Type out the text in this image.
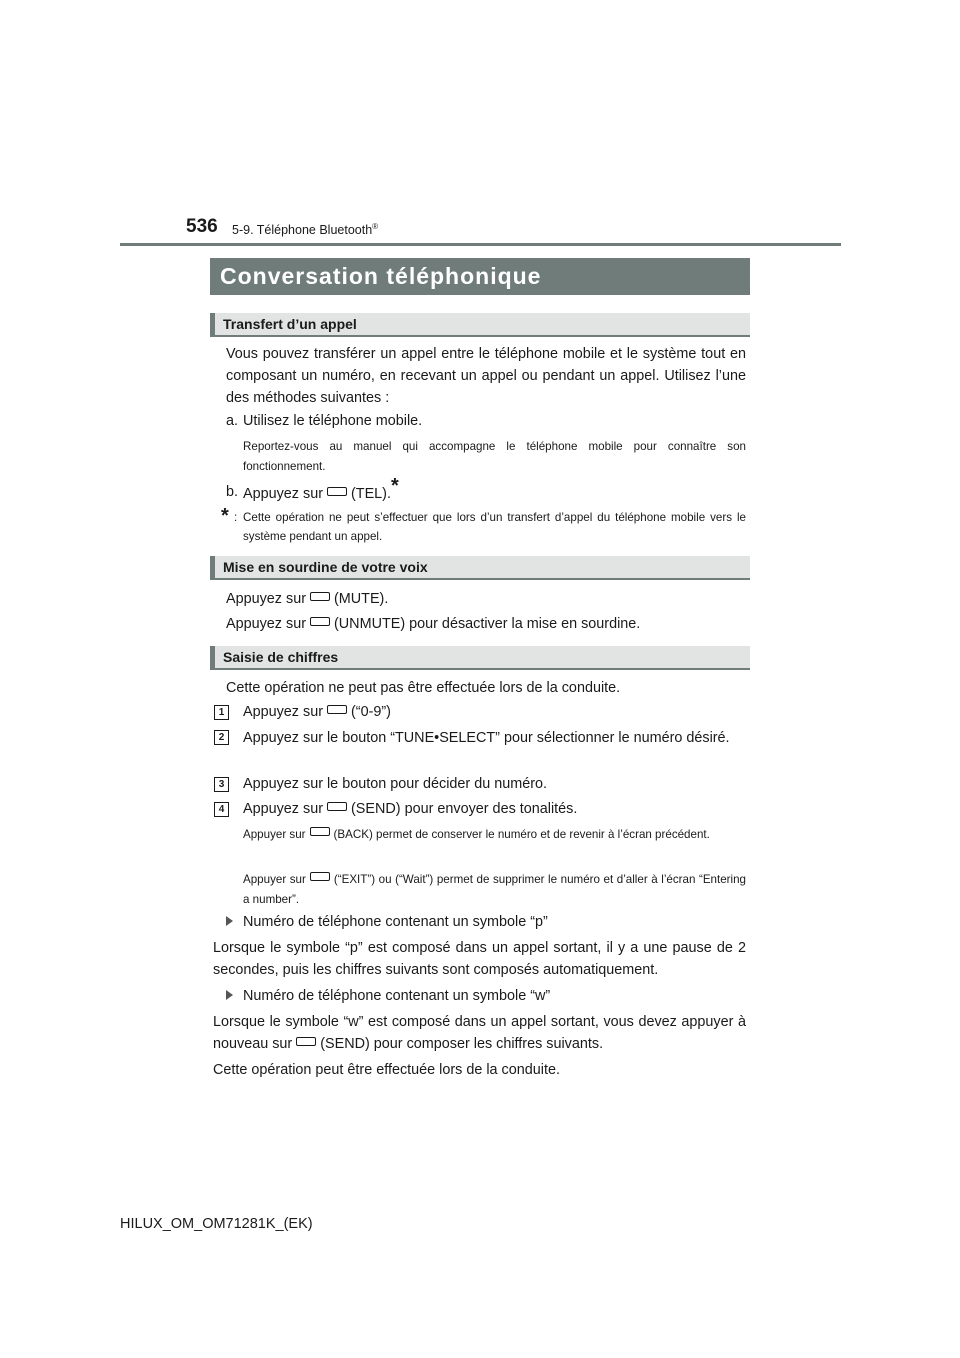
536 5-9. Téléphone Bluetooth®
Conversation téléphonique
Transfert d’un appel
Vous pouvez transférer un appel entre le téléphone mobile et le système tout en composant un numéro, en recevant un appel ou pendant un appel. Utilisez l’une des méthodes suivantes :
a. Utilisez le téléphone mobile.
Reportez-vous au manuel qui accompagne le téléphone mobile pour connaître son fonctionnement.
b. Appuyez sur (TEL).*
* : Cette opération ne peut s’effectuer que lors d’un transfert d’appel du téléphone mobile vers le système pendant un appel.
Mise en sourdine de votre voix
Appuyez sur (MUTE).
Appuyez sur (UNMUTE) pour désactiver la mise en sourdine.
Saisie de chiffres
Cette opération ne peut pas être effectuée lors de la conduite.
1	Appuyez sur (“0-9”)
2	Appuyez sur le bouton “TUNE•SELECT” pour sélectionner le numéro désiré.
3	Appuyez sur le bouton pour décider du numéro.
4	Appuyez sur (SEND) pour envoyer des tonalités.
Appuyer sur (BACK) permet de conserver le numéro et de revenir à l’écran précédent.
Appuyer sur (“EXIT”) ou (“Wait”) permet de supprimer le numéro et d’aller à l’écran “Entering a number”.
Numéro de téléphone contenant un symbole “p”
Lorsque le symbole “p” est composé dans un appel sortant, il y a une pause de 2 secondes, puis les chiffres suivants sont composés automatiquement.
Numéro de téléphone contenant un symbole “w”
Lorsque le symbole “w” est composé dans un appel sortant, vous devez appuyer à nouveau sur (SEND) pour composer les chiffres suivants.
Cette opération peut être effectuée lors de la conduite.
HILUX_OM_OM71281K_(EK)
